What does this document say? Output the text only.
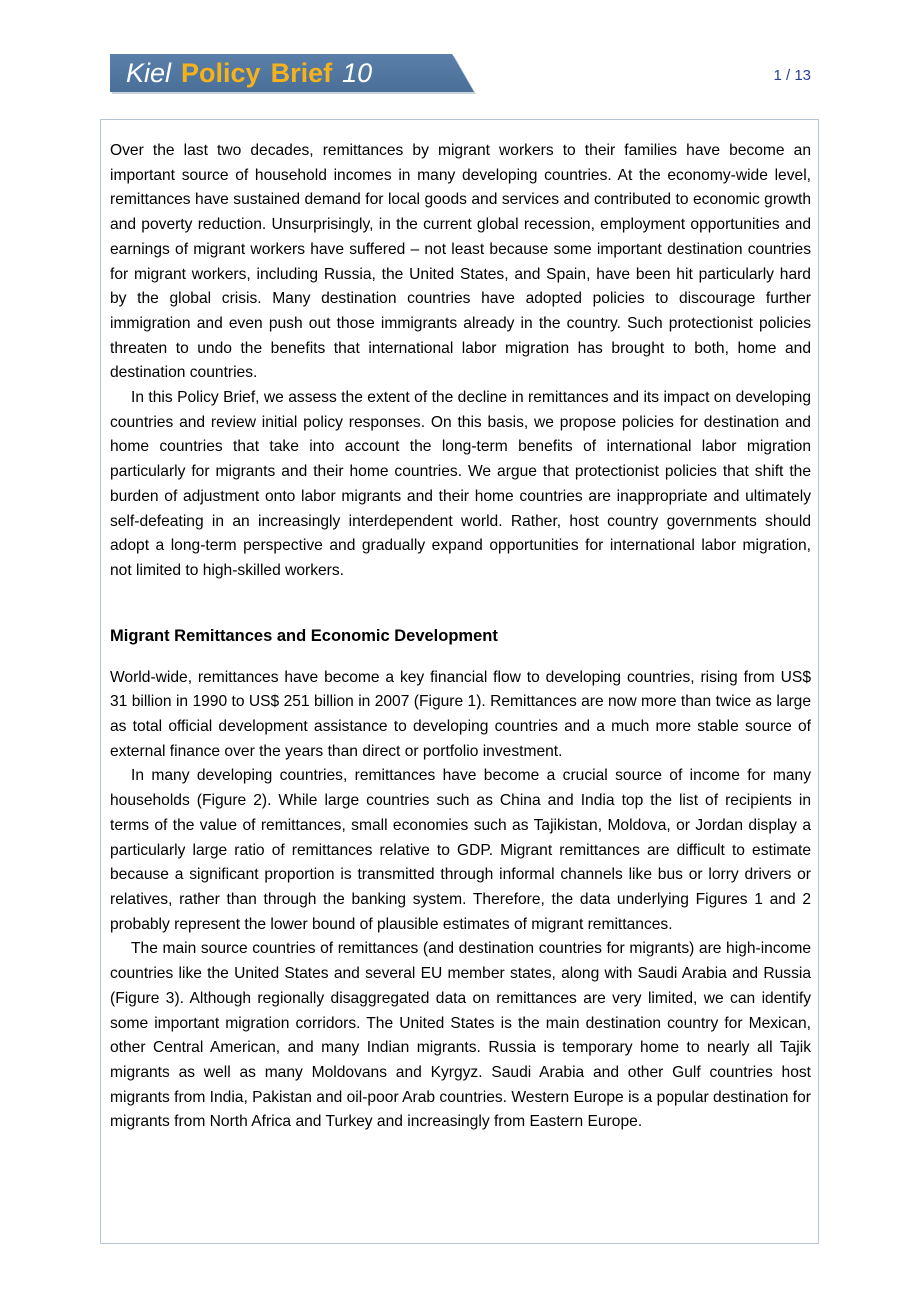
Kiel Policy Brief 10	1 / 13

Over the last two decades, remittances by migrant workers to their families have become an important source of household incomes in many developing countries. At the economy-wide level, remittances have sustained demand for local goods and services and contributed to economic growth and poverty reduction. Unsurprisingly, in the current global recession, employment opportunities and earnings of migrant workers have suffered – not least because some important destination countries for migrant workers, including Russia, the United States, and Spain, have been hit particularly hard by the global crisis. Many destination countries have adopted policies to discourage further immigration and even push out those immigrants already in the country. Such protectionist policies threaten to undo the benefits that international labor migration has brought to both, home and destination countries.

In this Policy Brief, we assess the extent of the decline in remittances and its impact on developing countries and review initial policy responses. On this basis, we propose policies for destination and home countries that take into account the long-term benefits of international labor migration particularly for migrants and their home countries. We argue that protectionist policies that shift the burden of adjustment onto labor migrants and their home countries are inappropriate and ultimately self-defeating in an increasingly interdependent world. Rather, host country governments should adopt a long-term perspective and gradually expand opportunities for international labor migration, not limited to high-skilled workers.

Migrant Remittances and Economic Development

World-wide, remittances have become a key financial flow to developing countries, rising from US$ 31 billion in 1990 to US$ 251 billion in 2007 (Figure 1). Remittances are now more than twice as large as total official development assistance to developing countries and a much more stable source of external finance over the years than direct or portfolio investment.

In many developing countries, remittances have become a crucial source of income for many households (Figure 2). While large countries such as China and India top the list of recipients in terms of the value of remittances, small economies such as Tajikistan, Moldova, or Jordan display a particularly large ratio of remittances relative to GDP. Migrant remittances are difficult to estimate because a significant proportion is transmitted through informal channels like bus or lorry drivers or relatives, rather than through the banking system. Therefore, the data underlying Figures 1 and 2 probably represent the lower bound of plausible estimates of migrant remittances.

The main source countries of remittances (and destination countries for migrants) are high-income countries like the United States and several EU member states, along with Saudi Arabia and Russia (Figure 3). Although regionally disaggregated data on remittances are very limited, we can identify some important migration corridors. The United States is the main destination country for Mexican, other Central American, and many Indian migrants. Russia is temporary home to nearly all Tajik migrants as well as many Moldovans and Kyrgyz. Saudi Arabia and other Gulf countries host migrants from India, Pakistan and oil-poor Arab countries. Western Europe is a popular destination for migrants from North Africa and Turkey and increasingly from Eastern Europe.
